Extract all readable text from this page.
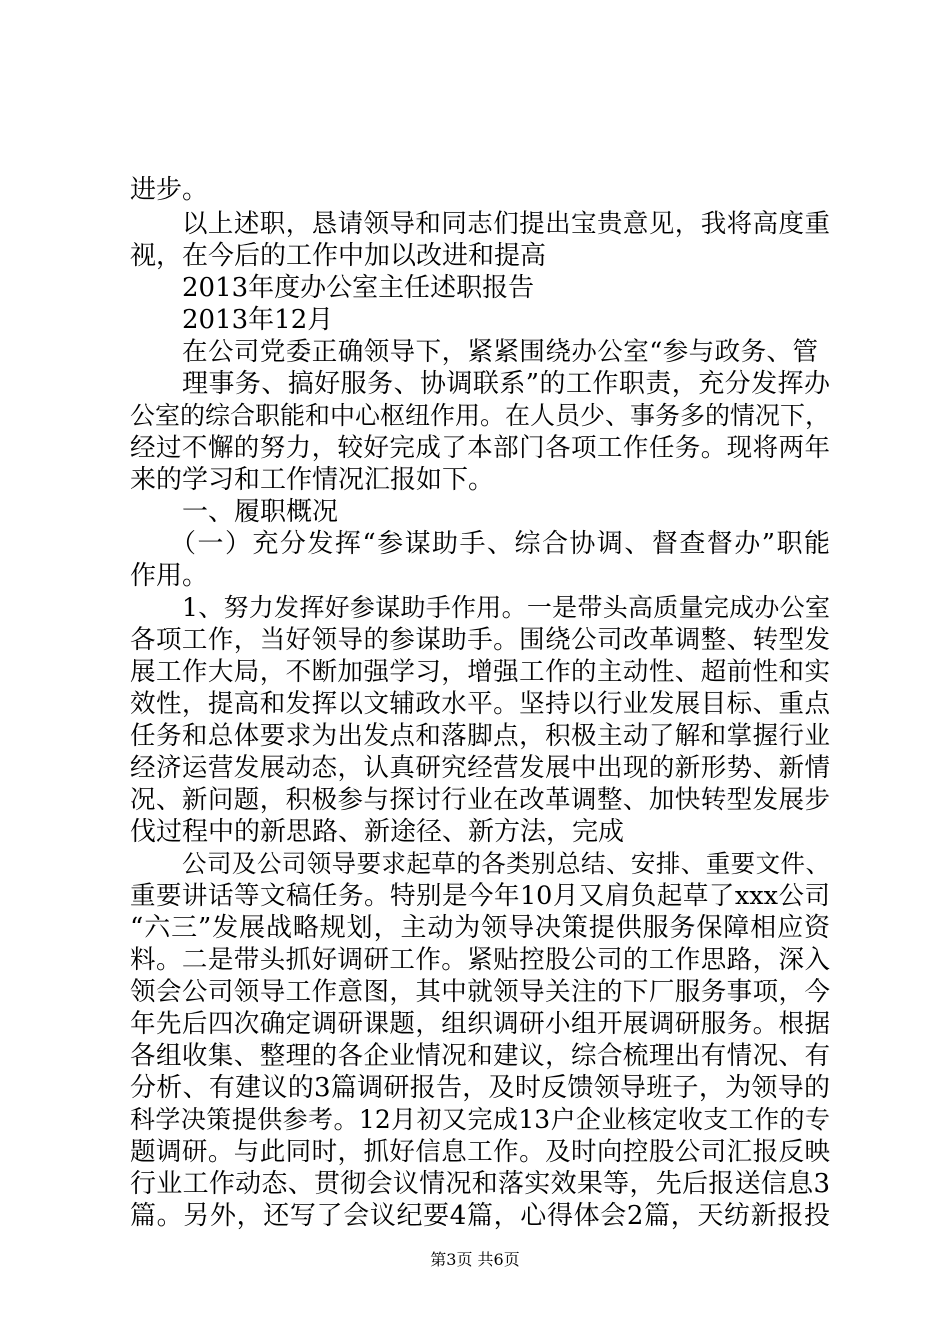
进步。
以上述职，恳请领导和同志们提出宝贵意见，我将高度重
视，在今后的工作中加以改进和提高
2013年度办公室主任述职报告
2013年12月
在公司党委正确领导下，紧紧围绕办公室“参与政务、管
理事务、搞好服务、协调联系”的工作职责，充分发挥办
公室的综合职能和中心枢纽作用。在人员少、事务多的情况下，
经过不懈的努力，较好完成了本部门各项工作任务。现将两年
来的学习和工作情况汇报如下。
一、履职概况
（一）充分发挥“参谋助手、综合协调、督查督办”职能
作用。
1、努力发挥好参谋助手作用。一是带头高质量完成办公室
各项工作，当好领导的参谋助手。围绕公司改革调整、转型发
展工作大局，不断加强学习，增强工作的主动性、超前性和实
效性，提高和发挥以文辅政水平。坚持以行业发展目标、重点
任务和总体要求为出发点和落脚点，积极主动了解和掌握行业
经济运营发展动态，认真研究经营发展中出现的新形势、新情
况、新问题，积极参与探讨行业在改革调整、加快转型发展步
伐过程中的新思路、新途径、新方法，完成
公司及公司领导要求起草的各类别总结、安排、重要文件、
重要讲话等文稿任务。特别是今年10月又肩负起草了xxx公司
“六三”发展战略规划，主动为领导决策提供服务保障相应资
料。二是带头抓好调研工作。紧贴控股公司的工作思路，深入
领会公司领导工作意图，其中就领导关注的下厂服务事项，今
年先后四次确定调研课题，组织调研小组开展调研服务。根据
各组收集、整理的各企业情况和建议，综合梳理出有情况、有
分析、有建议的3篇调研报告，及时反馈领导班子，为领导的
科学决策提供参考。12月初又完成13户企业核定收支工作的专
题调研。与此同时，抓好信息工作。及时向控股公司汇报反映
行业工作动态、贯彻会议情况和落实效果等，先后报送信息3
篇。另外，还写了会议纪要4篇，心得体会2篇，天纺新报投
第3页 共6页
